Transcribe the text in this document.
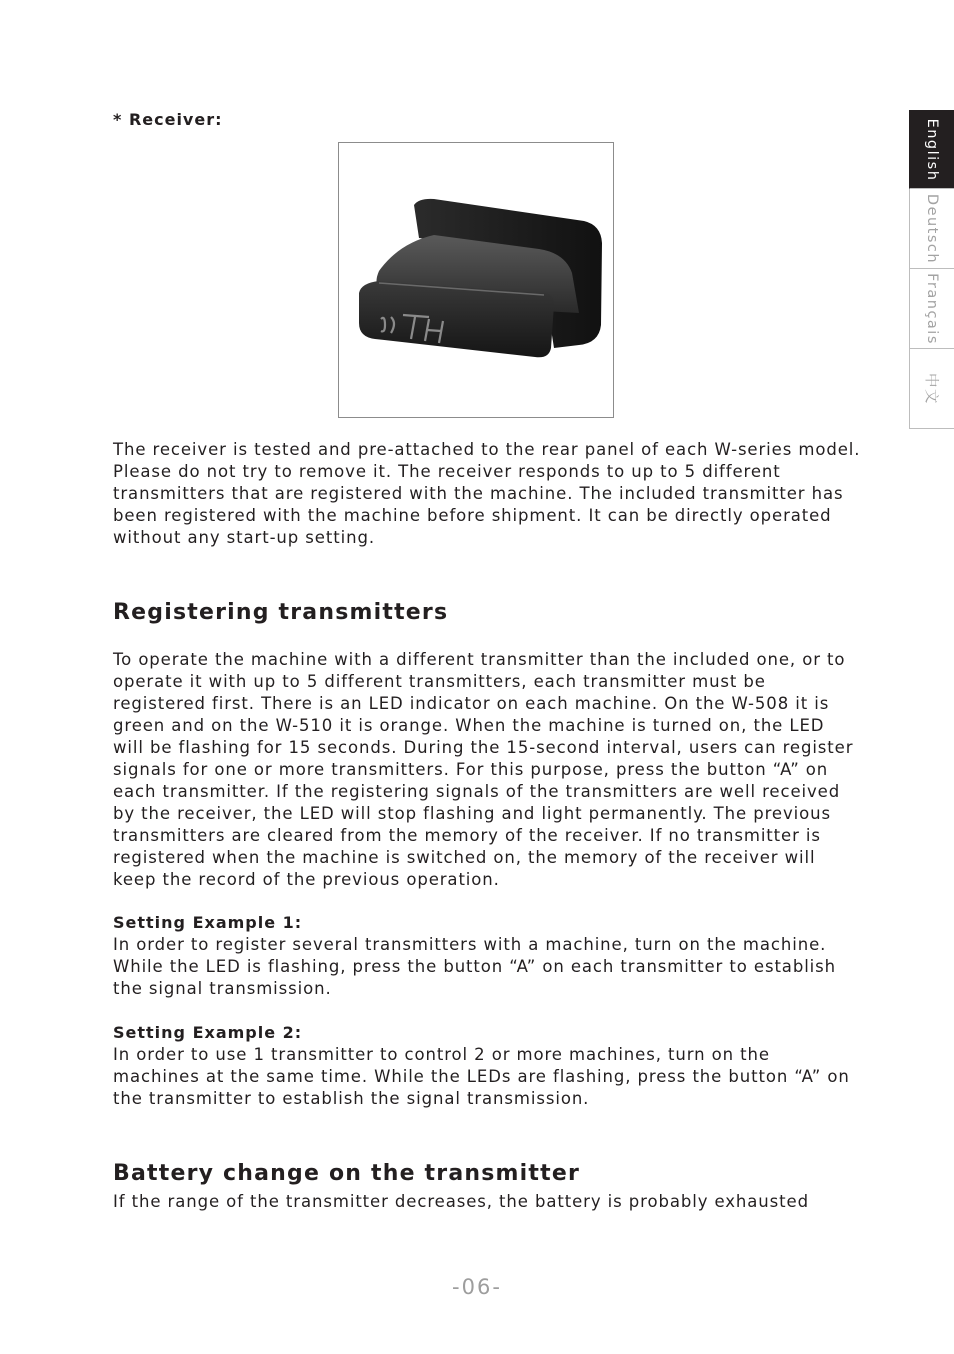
* Receiver:

The receiver is tested and pre-attached to the rear panel of each W-series model. Please do not try to remove it. The receiver responds to up to 5 different transmitters that are registered with the machine. The included transmitter has been registered with the machine before shipment. It can be directly operated without any start-up setting.

Registering transmitters

To operate the machine with a different transmitter than the included one, or to operate it with up to 5 different transmitters, each transmitter must be registered first. There is an LED indicator on each machine. On the W-508 it is green and on the W-510 it is orange. When the machine is turned on, the LED will be flashing for 15 seconds. During the 15-second interval, users can register signals for one or more transmitters. For this purpose, press the button “A” on each transmitter. If the registering signals of the transmitters are well received by the receiver, the LED will stop flashing and light permanently. The previous transmitters are cleared from the memory of the receiver. If no transmitter is registered when the machine is switched on, the memory of the receiver will keep the record of the previous operation.

Setting Example 1:

In order to register several transmitters with a machine, turn on the machine. While the LED is flashing, press the button “A” on each transmitter to establish the signal transmission.

Setting Example 2:

In order to use 1 transmitter to control 2 or more machines, turn on the machines at the same time. While the LEDs are flashing, press the button “A” on the transmitter to establish the signal transmission.

Battery change on the transmitter

If the range of the transmitter decreases, the battery is probably exhausted

-06-
English
Deutsch
Français
中文
